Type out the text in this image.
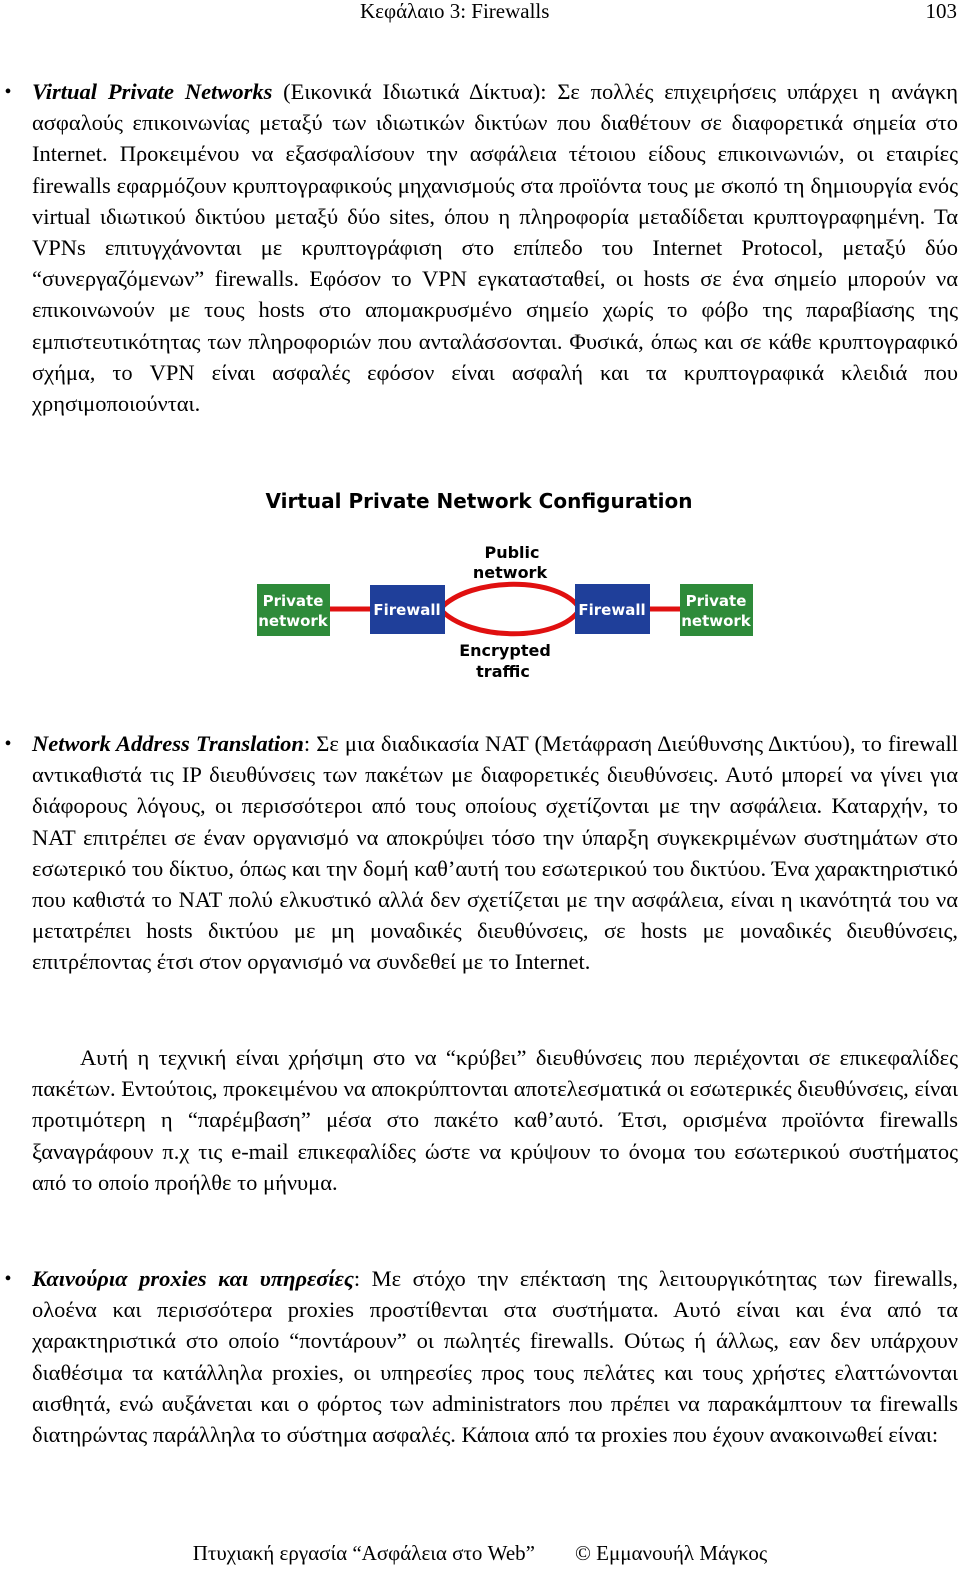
Κεφάλαιο 3: Firewalls	103
• Virtual Private Networks (Εικονικά Ιδιωτικά Δίκτυα): Σε πολλές επιχειρήσεις υπάρχει η ανάγκη ασφαλούς επικοινωνίας μεταξύ των ιδιωτικών δικτύων που διαθέτουν σε διαφορετικά σημεία στο Internet. Προκειμένου να εξασφαλίσουν την ασφάλεια τέτοιου είδους επικοινωνιών, οι εταιρίες firewalls εφαρμόζουν κρυπτογραφικούς μηχανισμούς στα προϊόντα τους με σκοπό τη δημιουργία ενός virtual ιδιωτικού δικτύου μεταξύ δύο sites, όπου η πληροφορία μεταδίδεται κρυπτογραφημένη. Τα VPNs επιτυγχάνονται με κρυπτογράφιση στο επίπεδο του Internet Protocol, μεταξύ δύο “συνεργαζόμενων” firewalls. Εφόσον το VPN εγκατασταθεί, οι hosts σε ένα σημείο μπορούν να επικοινωνούν με τους hosts στο απομακρυσμένο σημείο χωρίς το φόβο της παραβίασης της εμπιστευτικότητας των πληροφοριών που ανταλάσσονται. Φυσικά, όπως και σε κάθε κρυπτογραφικό σχήμα, το VPN είναι ασφαλές εφόσον είναι ασφαλή και τα κρυπτογραφικά κλειδιά που χρησιμοποιούνται.

Virtual Private Network Configuration
Public
network
Private
network
Firewall	Firewall	Private
network
Encrypted
traffic
• Network Address Translation: Σε μια διαδικασία NAT (Μετάφραση Διεύθυνσης Δικτύου), το firewall αντικαθιστά τις IP διευθύνσεις των πακέτων με διαφορετικές διευθύνσεις. Αυτό μπορεί να γίνει για διάφορους λόγους, οι περισσότεροι από τους οποίους σχετίζονται με την ασφάλεια. Καταρχήν, το NAT επιτρέπει σε έναν οργανισμό να αποκρύψει τόσο την ύπαρξη συγκεκριμένων συστημάτων στο εσωτερικό του δίκτυο, όπως και την δομή καθ’αυτή του εσωτερικού του δικτύου. Ένα χαρακτηριστικό που καθιστά το NAT πολύ ελκυστικό αλλά δεν σχετίζεται με την ασφάλεια, είναι η ικανότητά του να μετατρέπει hosts δικτύου με μη μοναδικές διευθύνσεις, σε hosts με μοναδικές διευθύνσεις, επιτρέποντας έτσι στον οργανισμό να συνδεθεί με το Internet.

Αυτή η τεχνική είναι χρήσιμη στο να “κρύβει” διευθύνσεις που περιέχονται σε επικεφαλίδες πακέτων. Εντούτοις, προκειμένου να αποκρύπτονται αποτελεσματικά οι εσωτερικές διευθύνσεις, είναι προτιμότερη η “παρέμβαση” μέσα στο πακέτο καθ’αυτό. Έτσι, ορισμένα προϊόντα firewalls ξαναγράφουν π.χ τις e-mail επικεφαλίδες ώστε να κρύψουν το όνομα του εσωτερικού συστήματος από το οποίο προήλθε το μήνυμα.

• Καινούρια proxies και υπηρεσίες: Με στόχο την επέκταση της λειτουργικότητας των firewalls, ολοένα και περισσότερα proxies προστίθενται στα συστήματα. Αυτό είναι και ένα από τα χαρακτηριστικά στο οποίο “ποντάρουν” οι πωλητές firewalls. Ούτως ή άλλως, εαν δεν υπάρχουν διαθέσιμα τα κατάλληλα proxies, οι υπηρεσίες προς τους πελάτες και τους χρήστες ελαττώνονται αισθητά, ενώ αυξάνεται και ο φόρτος των administrators που πρέπει να παρακάμπτουν τα firewalls διατηρώντας παράλληλα το σύστημα ασφαλές. Κάποια από τα proxies που έχουν ανακοινωθεί είναι:

Πτυχιακή εργασία “Ασφάλεια στο Web” © Εμμανουήλ Μάγκος
